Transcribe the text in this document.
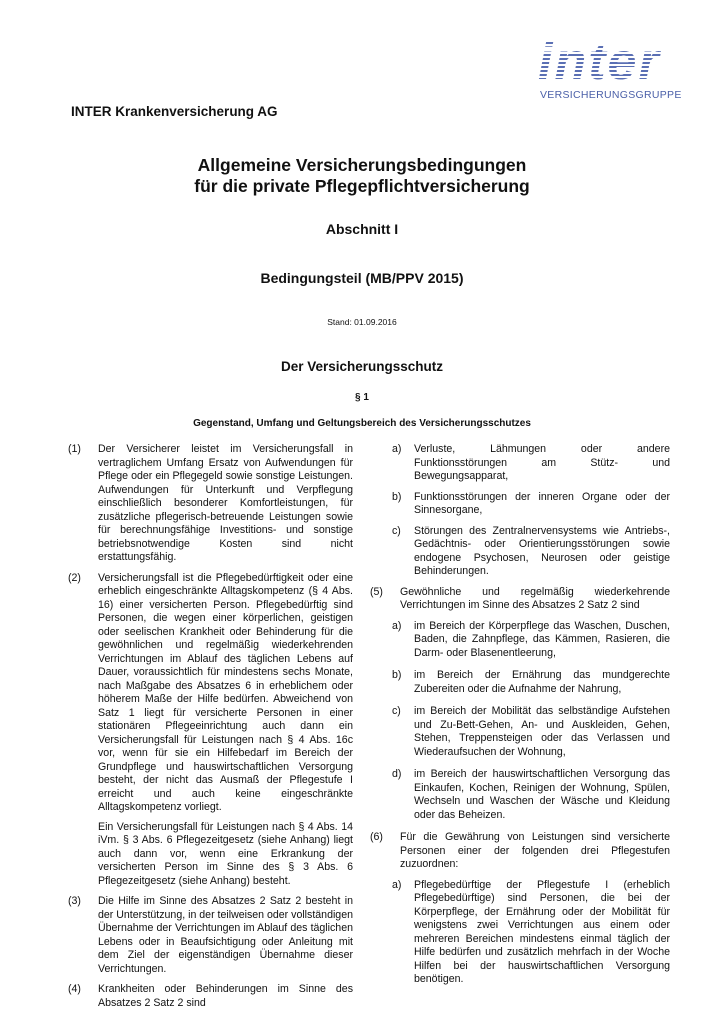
inter
VERSICHERUNGSGRUPPE
INTER Krankenversicherung AG
Allgemeine Versicherungsbedingungen
für die private Pflegepflichtversicherung
Abschnitt I
Bedingungsteil (MB/PPV 2015)
Stand: 01.09.2016
Der Versicherungsschutz
§ 1
Gegenstand, Umfang und Geltungsbereich des Versicherungsschutzes
(1) Der Versicherer leistet im Versicherungsfall in vertraglichem Umfang Ersatz von Aufwendungen für Pflege oder ein Pflegegeld sowie sonstige Leistungen. Aufwendungen für Unterkunft und Verpflegung einschließlich besonderer Komfortleistungen, für zusätzliche pflegerisch-betreuende Leistungen sowie für berechnungsfähige Investitions- und sonstige betriebsnotwendige Kosten sind nicht erstattungsfähig.

(2) Versicherungsfall ist die Pflegebedürftigkeit oder eine erheblich eingeschränkte Alltagskompetenz (§ 4 Abs. 16) einer versicherten Person. Pflegebedürftig sind Personen, die wegen einer körperlichen, geistigen oder seelischen Krankheit oder Behinderung für die gewöhnlichen und regelmäßig wiederkehrenden Verrichtungen im Ablauf des täglichen Lebens auf Dauer, voraussichtlich für mindestens sechs Monate, nach Maßgabe des Absatzes 6 in erheblichem oder höherem Maße der Hilfe bedürfen. Abweichend von Satz 1 liegt für versicherte Personen in einer stationären Pflegeeinrichtung auch dann ein Versicherungsfall für Leistungen nach § 4 Abs. 16c vor, wenn für sie ein Hilfebedarf im Bereich der Grundpflege und hauswirtschaftlichen Versorgung besteht, der nicht das Ausmaß der Pflegestufe I erreicht und auch keine eingeschränkte Alltagskompetenz vorliegt.

Ein Versicherungsfall für Leistungen nach § 4 Abs. 14 iVm. § 3 Abs. 6 Pflegezeitgesetz (siehe Anhang) liegt auch dann vor, wenn eine Erkrankung der versicherten Person im Sinne des § 3 Abs. 6 Pflegezeitgesetz (siehe Anhang) besteht.

(3) Die Hilfe im Sinne des Absatzes 2 Satz 2 besteht in der Unterstützung, in der teilweisen oder vollständigen Übernahme der Verrichtungen im Ablauf des täglichen Lebens oder in Beaufsichtigung oder Anleitung mit dem Ziel der eigenständigen Übernahme dieser Verrichtungen.

(4) Krankheiten oder Behinderungen im Sinne des Absatzes 2 Satz 2 sind

a) Verluste, Lähmungen oder andere Funktionsstörungen am Stütz- und Bewegungsapparat,
b) Funktionsstörungen der inneren Organe oder der Sinnesorgane,
c) Störungen des Zentralnervensystems wie Antriebs-, Gedächtnis- oder Orientierungsstörungen sowie endogene Psychosen, Neurosen oder geistige Behinderungen.
(5) Gewöhnliche und regelmäßig wiederkehrende Verrichtungen im Sinne des Absatzes 2 Satz 2 sind

a) im Bereich der Körperpflege das Waschen, Duschen, Baden, die Zahnpflege, das Kämmen, Rasieren, die Darm- oder Blasenentleerung,
b) im Bereich der Ernährung das mundgerechte Zubereiten oder die Aufnahme der Nahrung,
c) im Bereich der Mobilität das selbständige Aufstehen und Zu-Bett-Gehen, An- und Auskleiden, Gehen, Stehen, Treppensteigen oder das Verlassen und Wiederaufsuchen der Wohnung,
d) im Bereich der hauswirtschaftlichen Versorgung das Einkaufen, Kochen, Reinigen der Wohnung, Spülen, Wechseln und Waschen der Wäsche und Kleidung oder das Beheizen.
(6) Für die Gewährung von Leistungen sind versicherte Personen einer der folgenden drei Pflegestufen zuzuordnen:

a) Pflegebedürftige der Pflegestufe I (erheblich Pflegebedürftige) sind Personen, die bei der Körperpflege, der Ernährung oder der Mobilität für wenigstens zwei Verrichtungen aus einem oder mehreren Bereichen mindestens einmal täglich der Hilfe bedürfen und zusätzlich mehrfach in der Woche Hilfen bei der hauswirtschaftlichen Versorgung benötigen.
